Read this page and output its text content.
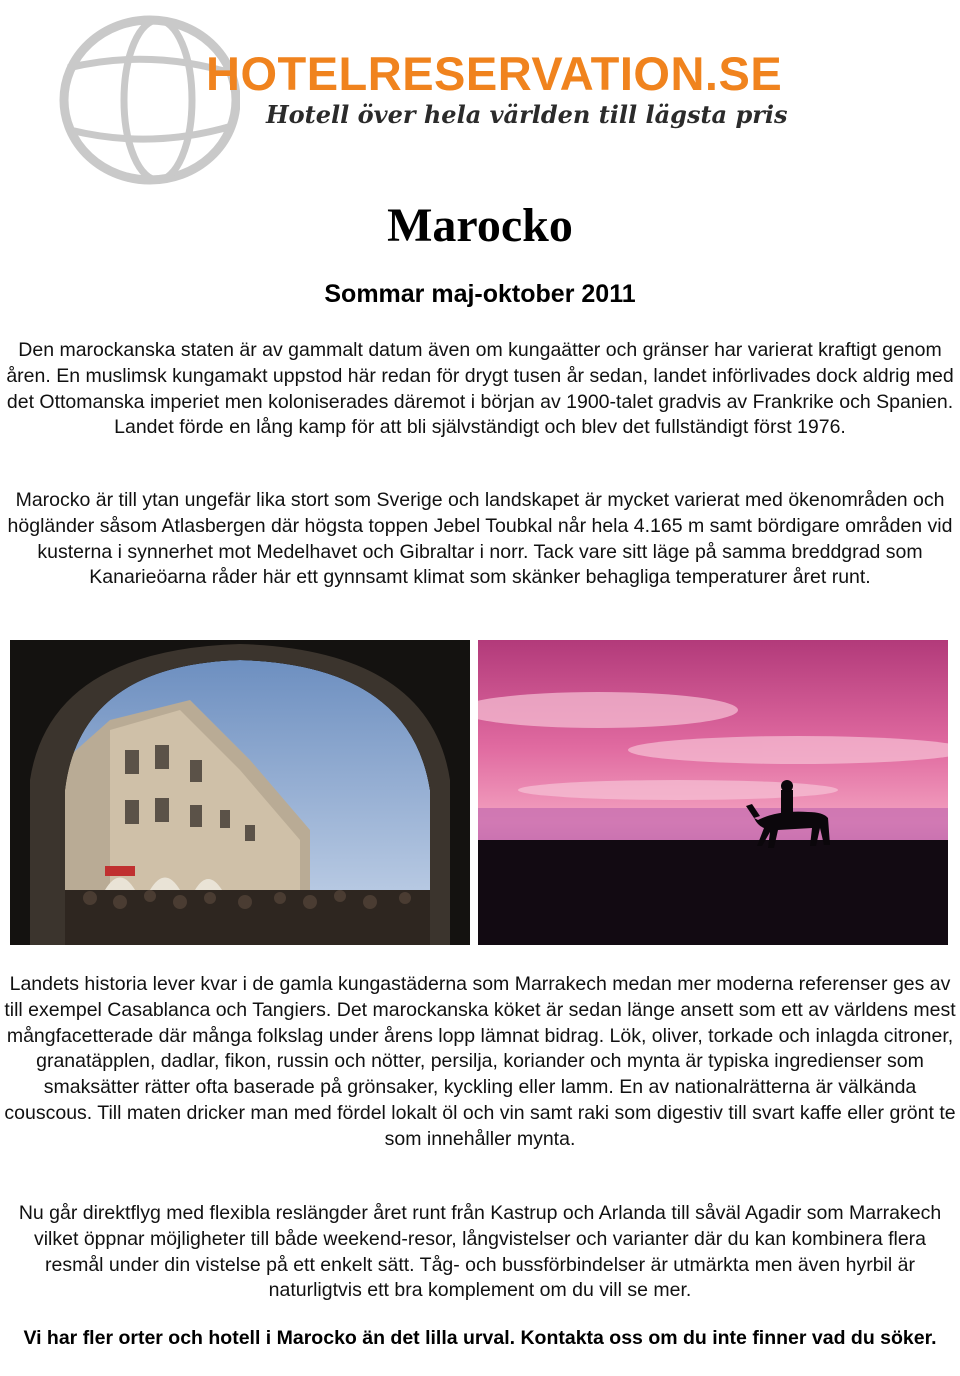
HOTELRESERVATION.SE
Hotell över hela världen till lägsta pris
Marocko
Sommar maj-oktober 2011

Den marockanska staten är av gammalt datum även om kungaätter och gränser har varierat kraftigt genom åren. En muslimsk kungamakt uppstod här redan för drygt tusen år sedan, landet införlivades dock aldrig med det Ottomanska imperiet men koloniserades däremot i början av 1900-talet gradvis av Frankrike och Spanien. Landet förde en lång kamp för att bli självständigt och blev det fullständigt först 1976.

Marocko är till ytan ungefär lika stort som Sverige och landskapet är mycket varierat med ökenområden och högländer såsom Atlasbergen där högsta toppen Jebel Toubkal når hela 4.165 m samt bördigare områden vid kusterna i synnerhet mot Medelhavet och Gibraltar i norr. Tack vare sitt läge på samma breddgrad som Kanarieöarna råder här ett gynnsamt klimat som skänker behagliga temperaturer året runt.

Landets historia lever kvar i de gamla kungastäderna som Marrakech medan mer moderna referenser ges av till exempel Casablanca och Tangiers. Det marockanska köket är sedan länge ansett som ett av världens mest mångfacetterade där många folkslag under årens lopp lämnat bidrag. Lök, oliver, torkade och inlagda citroner, granatäpplen, dadlar, fikon, russin och nötter, persilja, koriander och mynta är typiska ingredienser som smaksätter rätter ofta baserade på grönsaker, kyckling eller lamm. En av nationalrätterna är välkända couscous. Till maten dricker man med fördel lokalt öl och vin samt raki som digestiv till svart kaffe eller grönt te som innehåller mynta.

Nu går direktflyg med flexibla reslängder året runt från Kastrup och Arlanda till såväl Agadir som Marrakech vilket öppnar möjligheter till både weekend-resor, långvistelser och varianter där du kan kombinera flera resmål under din vistelse på ett enkelt sätt. Tåg- och bussförbindelser är utmärkta men även hyrbil är naturligtvis ett bra komplement om du vill se mer.

Vi har fler orter och hotell i Marocko än det lilla urval. Kontakta oss om du inte finner vad du söker.
